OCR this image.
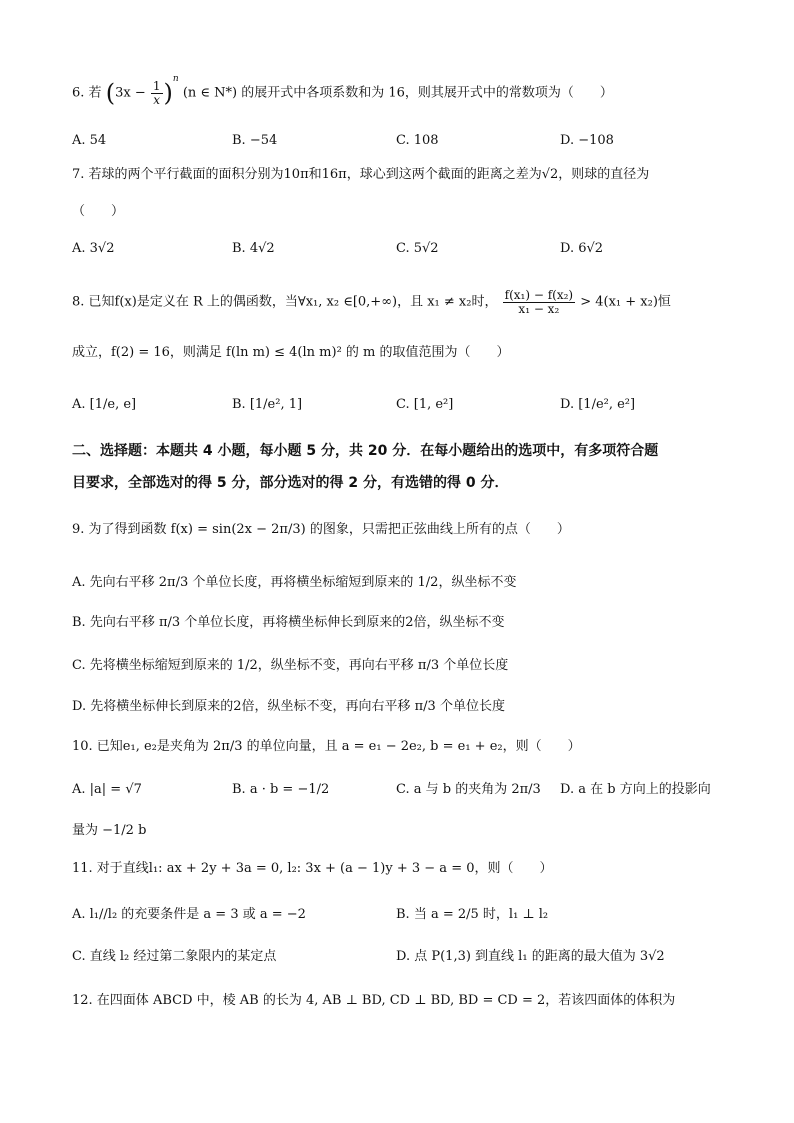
6. 若 $(3x - \frac{1}{x} )^n$ (n ∈ N*) 的展开式中各项系数和为 16，则其展开式中的常数项为（　　）
A. 54	B. −54	C. 108	D. −108
7. 若球的两个平行截面的面积分别为10π和16π，球心到这两个截面的距离之差为√2，则球的直径为
（　　）
A. 3√2	B. 4√2	C. 5√2	D. 6√2
8. 已知f(x)是定义在 R 上的偶函数，当∀x₁, x₂ ∈[0,+∞)，且 x₁ ≠ x₂时， $\frac{\text{f(x₁) − f(x₂)}}{\text{x₁ − x₂}} > 4(x_1 + x_2)$恒
成立，f(2) = 16，则满足 f(ln m) ≤ 4(ln m)² 的 m 的取值范围为（　　）
A. [1/e, e]	B. [1/e², 1]	C. [1, e²]	D. [1/e², e²]
二、选择题：本题共 4 小题，每小题 5 分，共 20 分．在每小题给出的选项中，有多项符合题
目要求，全部选对的得 5 分，部分选对的得 2 分，有选错的得 0 分．
9. 为了得到函数 f(x) = sin(2x − 2π/3) 的图象，只需把正弦曲线上所有的点（　　）
A. 先向右平移 2π/3 个单位长度，再将横坐标缩短到原来的 1/2，纵坐标不变
B. 先向右平移 π/3 个单位长度，再将横坐标伸长到原来的2倍，纵坐标不变
C. 先将横坐标缩短到原来的 1/2，纵坐标不变，再向右平移 π/3 个单位长度
D. 先将横坐标伸长到原来的2倍，纵坐标不变，再向右平移 π/3 个单位长度
10. 已知e₁, e₂是夹角为 2π/3 的单位向量，且 a = e₁ − 2e₂, b = e₁ + e₂，则（　　）
A. |a| = √7	B. a · b = −1/2	C. a 与 b 的夹角为 2π/3 D. a 在 b 方向上的投影向
量为 −1/2 b
11. 对于直线l₁: ax + 2y + 3a = 0, l₂: 3x + (a − 1)y + 3 − a = 0，则（　　）
A. l₁//l₂ 的充要条件是 a = 3 或 a = −2	B. 当 a = 2/5 时，l₁ ⊥ l₂
C. 直线 l₂ 经过第二象限内的某定点	D. 点 P(1,3) 到直线 l₁ 的距离的最大值为 3√2
12. 在四面体 ABCD 中，棱 AB 的长为 4, AB ⊥ BD, CD ⊥ BD, BD = CD = 2，若该四面体的体积为
